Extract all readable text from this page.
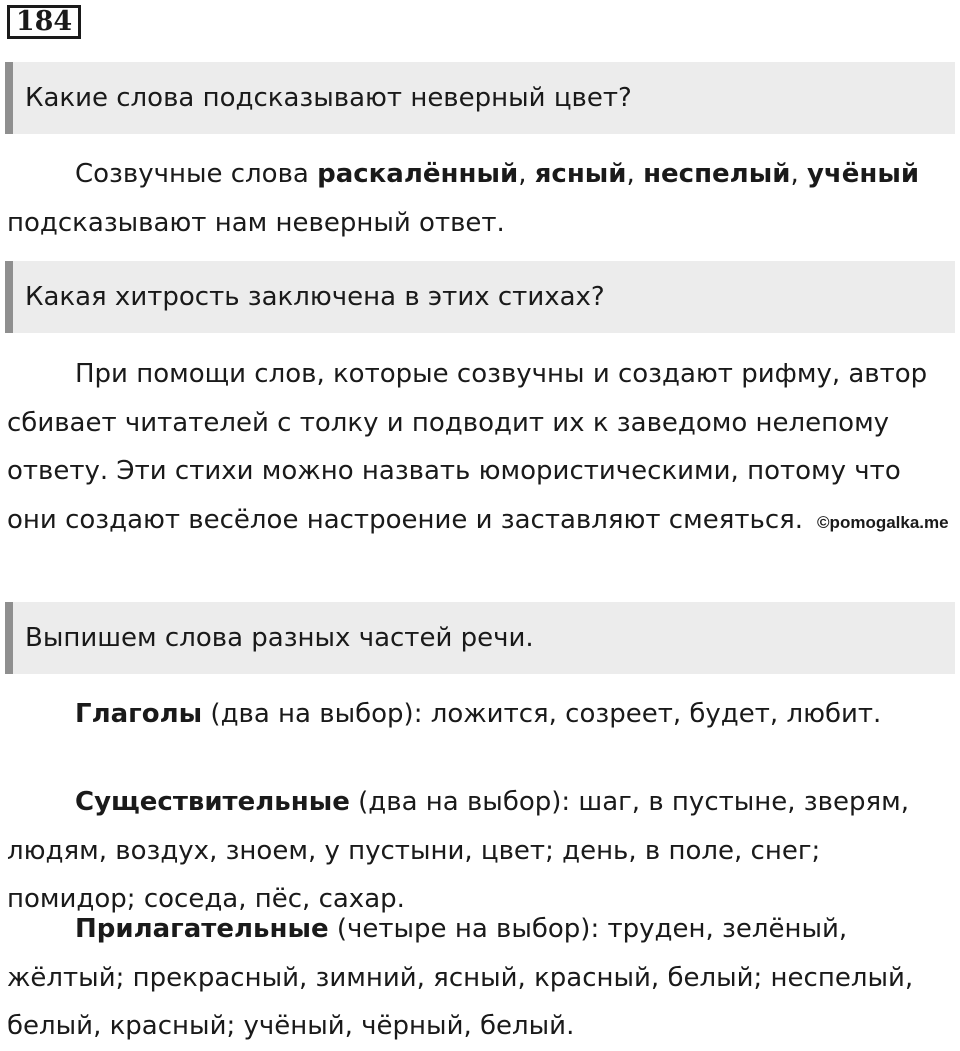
184
Какие слова подсказывают неверный цвет?
Созвучные слова раскалённый, ясный, неспелый, учёный подсказывают нам неверный ответ.
Какая хитрость заключена в этих стихах?
При помощи слов, которые созвучны и создают рифму, автор сбивает читателей с толку и подводит их к заведомо нелепому ответу. Эти стихи можно назвать юмористическими, потому что они создают весёлое настроение и заставляют смеяться. ©pomogalka.me
Выпишем слова разных частей речи.
Глаголы (два на выбор): ложится, созреет, будет, любит.
Существительные (два на выбор): шаг, в пустыне, зверям, людям, воздух, зноем, у пустыни, цвет; день, в поле, снег; помидор; соседа, пёс, сахар.
Прилагательные (четыре на выбор): труден, зелёный, жёлтый; прекрасный, зимний, ясный, красный, белый; неспелый, белый, красный; учёный, чёрный, белый.
